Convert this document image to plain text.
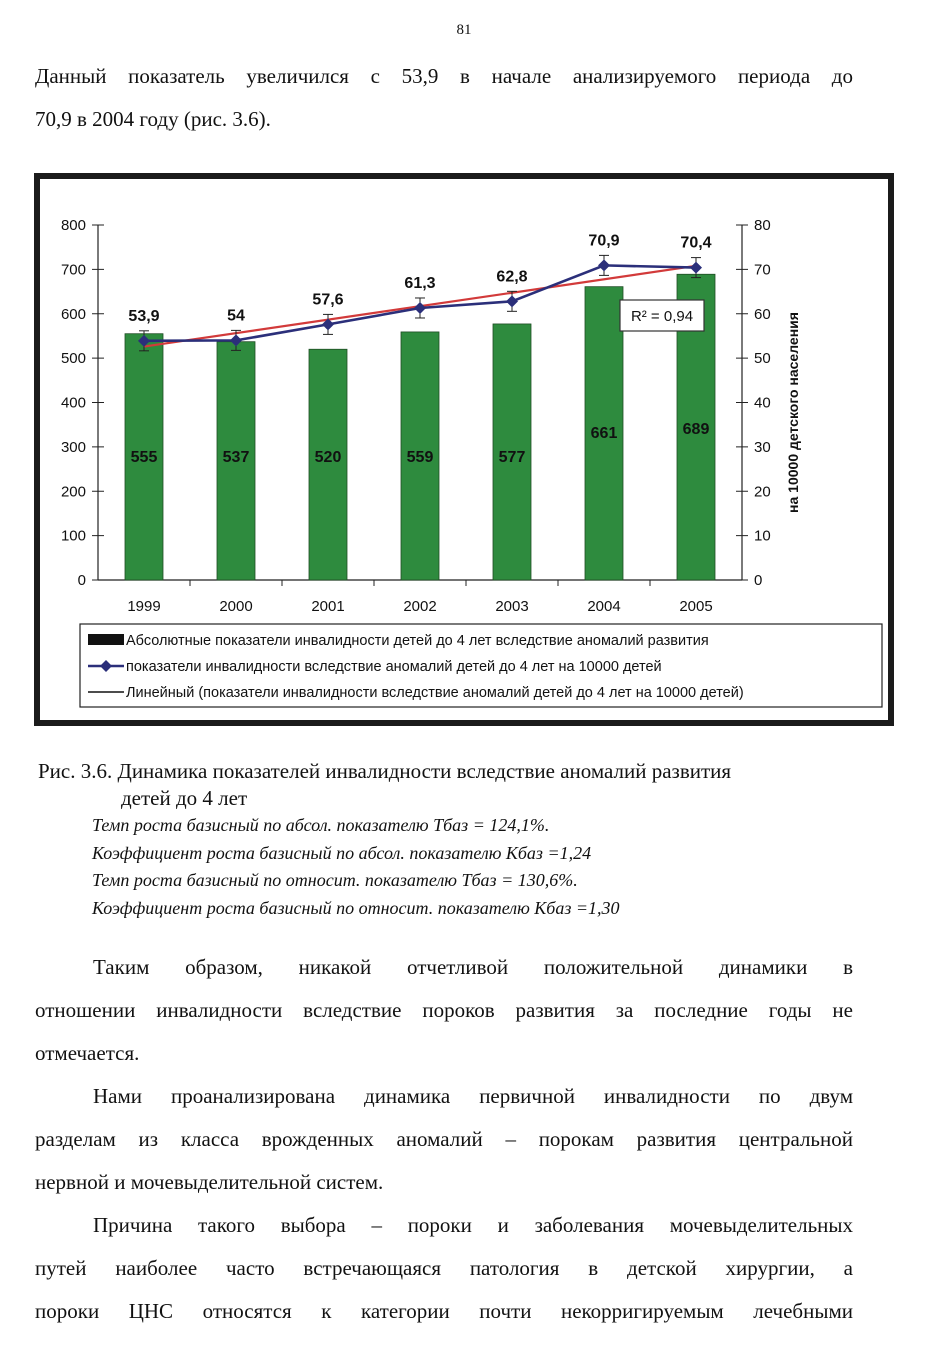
81

Данный показатель увеличился с 53,9 в начале анализируемого периода до
70,9 в 2004 году (рис. 3.6).

0
100
200
300
400
500
600
700
800
0
10
20
30
40
50
60
70
80
1999	2000	2001	2002	2003	2004	2005
на 10000 детского населения
555	537	520	559	577
661	689
53,9	54
57,6
61,3	62,8
70,9	70,4
R² = 0,94
Абсолютные показатели инвалидности детей до 4 лет вследствие аномалий развития
показатели инвалидности вследствие аномалий детей до 4 лет на 10000 детей
Линейный (показатели инвалидности вследствие аномалий детей до 4 лет на 10000 детей)
Рис. 3.6. Динамика показателей инвалидности вследствие аномалий развития
детей до 4 лет
Темп роста базисный по абсол. показателю Тбаз = 124,1%.
Коэффициент роста базисный по абсол. показателю Кбаз =1,24
Темп роста базисный по относит. показателю Тбаз = 130,6%.
Коэффициент роста базисный по относит. показателю Кбаз =1,30

Таким образом, никакой отчетливой положительной динамики в
отношении инвалидности вследствие пороков развития за последние годы не
отмечается.

Нами проанализирована динамика первичной инвалидности по двум
разделам из класса врожденных аномалий – порокам развития центральной
нервной и мочевыделительной систем.

Причина такого выбора – пороки и заболевания мочевыделительных
путей наиболее часто встречающаяся патология в детской хирургии, а
пороки ЦНС относятся к категории почти некорригируемым лечебными
